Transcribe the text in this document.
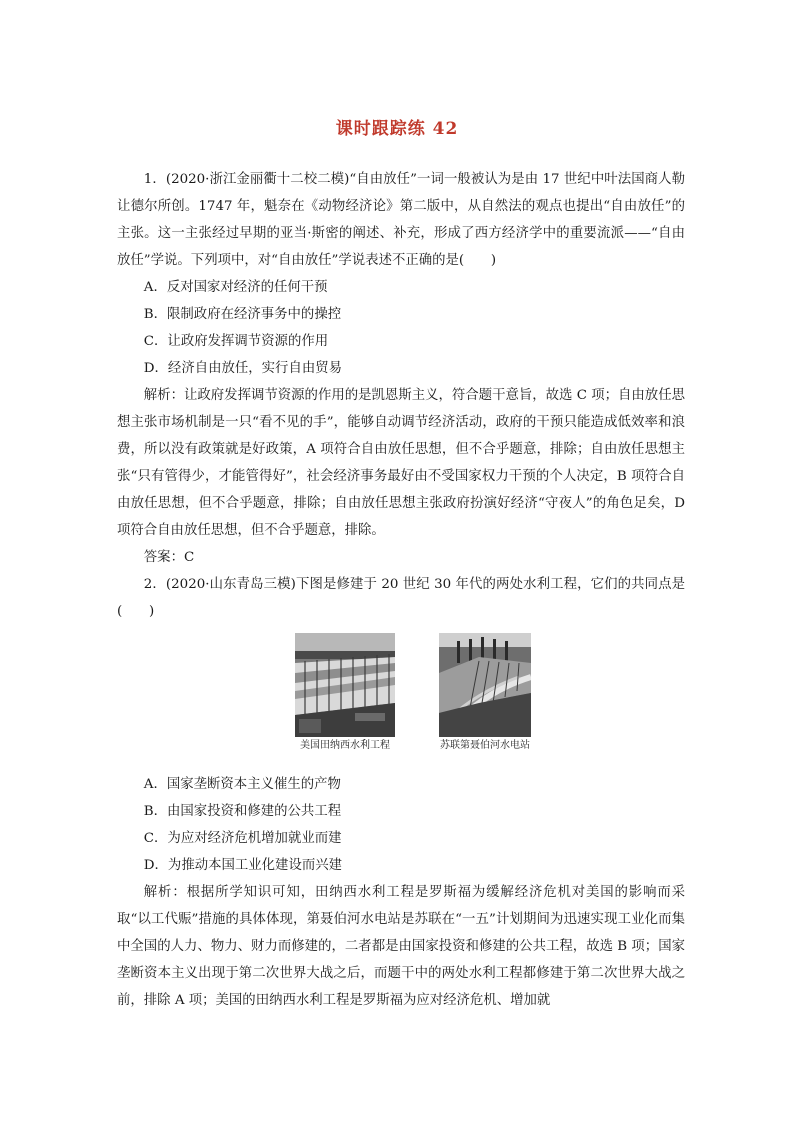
课时跟踪练 42

1．(2020·浙江金丽衢十二校二模)“自由放任”一词一般被认为是由 17 世纪中叶法国商人勒让德尔所创。1747 年，魁奈在《动物经济论》第二版中，从自然法的观点也提出“自由放任”的主张。这一主张经过早期的亚当·斯密的阐述、补充，形成了西方经济学中的重要流派——“自由放任”学说。下列项中，对“自由放任”学说表述不正确的是(　　)

A．反对国家对经济的任何干预

B．限制政府在经济事务中的操控

C．让政府发挥调节资源的作用

D．经济自由放任，实行自由贸易

解析：让政府发挥调节资源的作用的是凯恩斯主义，符合题干意旨，故选 C 项；自由放任思想主张市场机制是一只“看不见的手”，能够自动调节经济活动，政府的干预只能造成低效率和浪费，所以没有政策就是好政策，A 项符合自由放任思想，但不合乎题意，排除；自由放任思想主张“只有管得少，才能管得好”，社会经济事务最好由不受国家权力干预的个人决定，B 项符合自由放任思想，但不合乎题意，排除；自由放任思想主张政府扮演好经济“守夜人”的角色足矣，D 项符合自由放任思想，但不合乎题意，排除。

答案：C

2．(2020·山东青岛三模)下图是修建于 20 世纪 30 年代的两处水利工程，它们的共同点是(　　)

美国田纳西水利工程	苏联第聂伯河水电站

A．国家垄断资本主义催生的产物

B．由国家投资和修建的公共工程

C．为应对经济危机增加就业而建

D．为推动本国工业化建设而兴建

解析：根据所学知识可知，田纳西水利工程是罗斯福为缓解经济危机对美国的影响而采取“以工代赈”措施的具体体现，第聂伯河水电站是苏联在“一五”计划期间为迅速实现工业化而集中全国的人力、物力、财力而修建的，二者都是由国家投资和修建的公共工程，故选 B 项；国家垄断资本主义出现于第二次世界大战之后，而题干中的两处水利工程都修建于第二次世界大战之前，排除 A 项；美国的田纳西水利工程是罗斯福为应对经济危机、增加就
